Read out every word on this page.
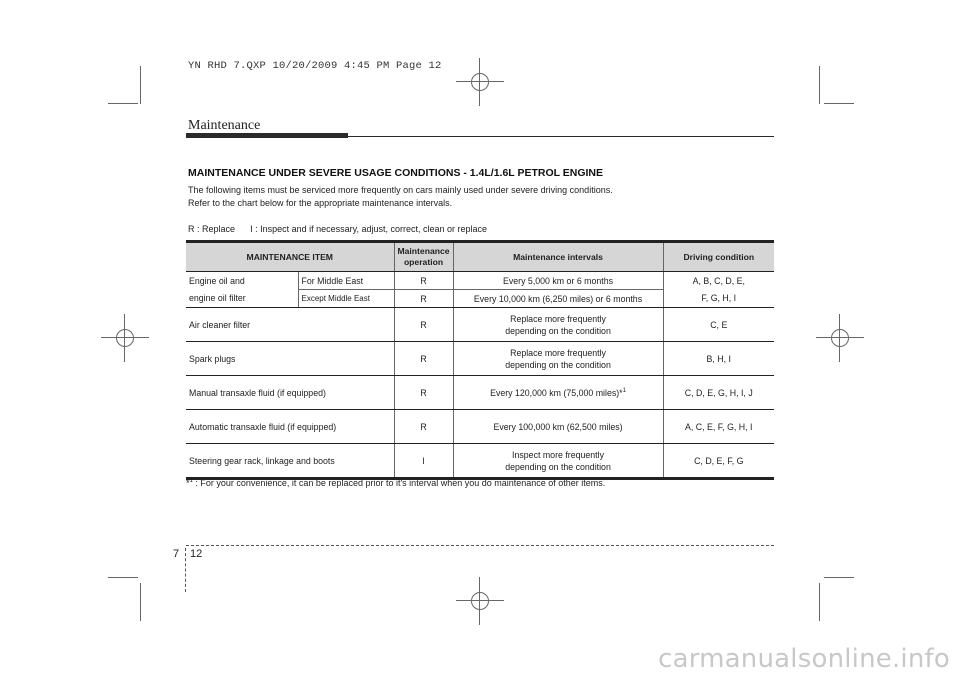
YN RHD 7.QXP 10/20/2009 4:45 PM Page 12
Maintenance
MAINTENANCE UNDER SEVERE USAGE CONDITIONS - 1.4L/1.6L PETROL ENGINE
The following items must be serviced more frequently on cars mainly used under severe driving conditions.
Refer to the chart below for the appropriate maintenance intervals.
R : Replace I : Inspect and if necessary, adjust, correct, clean or replace
MAINTENANCE ITEM		Maintenance
operation	Maintenance intervals	Driving condition
Engine oil and	For Middle East	R	Every 5,000 km or 6 months	A, B, C, D, E,
engine oil filter	Except Middle East	R	Every 10,000 km (6,250 miles) or 6 months	F, G, H, I
Air cleaner filter		R	Replace more frequently
depending on the condition	C, E
Spark plugs		R	Replace more frequently
depending on the condition	B, H, I
Manual transaxle fluid (if equipped)		R	Every 120,000 km (75,000 miles)*$^1$	C, D, E, G, H, I, J
Automatic transaxle fluid (if equipped)		R	Every 100,000 km (62,500 miles)	A, C, E, F, G, H, I
Steering gear rack, linkage and boots		I	Inspect more frequently
depending on the condition	C, D, E, F, G
*$^1$ : For your convenience, it can be replaced prior to it's interval when you do maintenance of other items.
7 12
carmanualsonline.info
